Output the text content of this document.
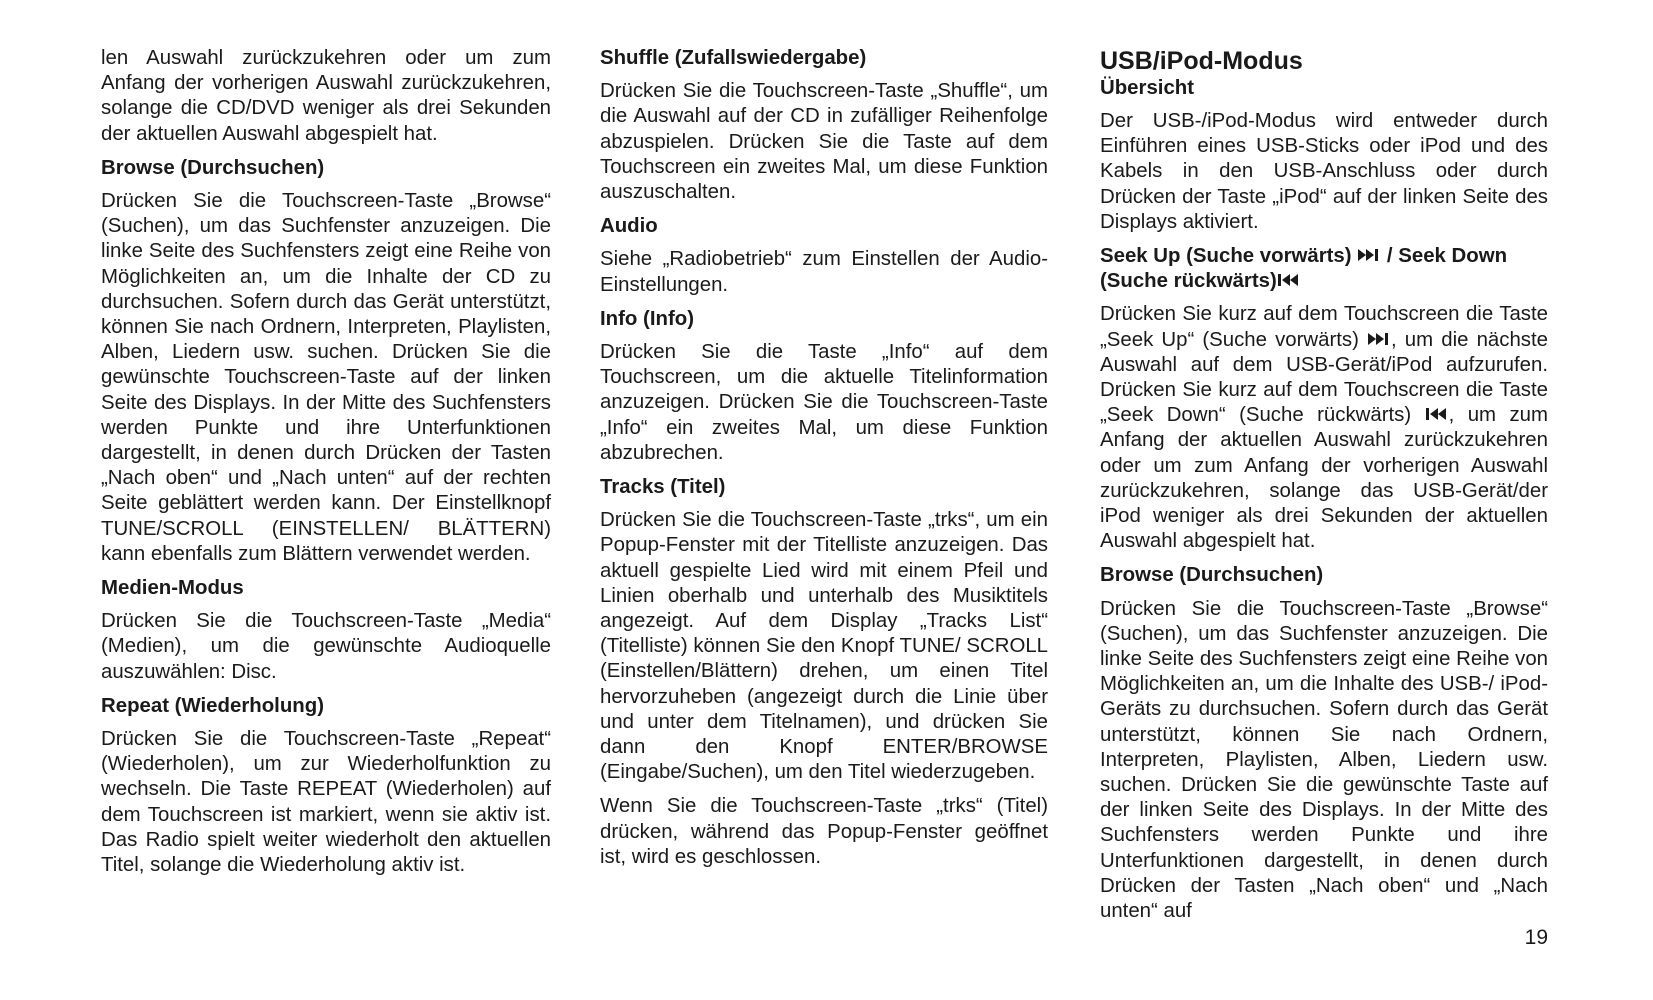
len Auswahl zurückzukehren oder um zum Anfang der vorherigen Auswahl zurückzukehren, solange die CD/DVD weniger als drei Sekunden der aktuellen Auswahl abgespielt hat.

Browse (Durchsuchen)

Drücken Sie die Touchscreen-Taste „Browse“ (Suchen), um das Suchfenster anzuzeigen. Die linke Seite des Suchfensters zeigt eine Reihe von Möglichkeiten an, um die Inhalte der CD zu durchsuchen. Sofern durch das Gerät unterstützt, können Sie nach Ordnern, Interpreten, Playlisten, Alben, Liedern usw. suchen. Drücken Sie die gewünschte Touchscreen-Taste auf der linken Seite des Displays. In der Mitte des Suchfensters werden Punkte und ihre Unterfunktionen dargestellt, in denen durch Drücken der Tasten „Nach oben“ und „Nach unten“ auf der rechten Seite geblättert werden kann. Der Einstellknopf TUNE/SCROLL (EINSTELLEN/ BLÄTTERN) kann ebenfalls zum Blättern verwendet werden.

Medien-Modus

Drücken Sie die Touchscreen-Taste „Media“ (Medien), um die gewünschte Audioquelle auszuwählen: Disc.

Repeat (Wiederholung)

Drücken Sie die Touchscreen-Taste „Repeat“ (Wiederholen), um zur Wiederholfunktion zu wechseln. Die Taste REPEAT (Wiederholen) auf dem Touchscreen ist markiert, wenn sie aktiv ist. Das Radio spielt weiter wiederholt den aktuellen Titel, solange die Wiederholung aktiv ist.

Shuffle (Zufallswiedergabe)

Drücken Sie die Touchscreen-Taste „Shuffle“, um die Auswahl auf der CD in zufälliger Reihenfolge abzuspielen. Drücken Sie die Taste auf dem Touchscreen ein zweites Mal, um diese Funktion auszuschalten.

Audio

Siehe „Radiobetrieb“ zum Einstellen der Audio-Einstellungen.

Info (Info)

Drücken Sie die Taste „Info“ auf dem Touchscreen, um die aktuelle Titelinformation anzuzeigen. Drücken Sie die Touchscreen-Taste „Info“ ein zweites Mal, um diese Funktion abzubrechen.

Tracks (Titel)

Drücken Sie die Touchscreen-Taste „trks“, um ein Popup-Fenster mit der Titelliste anzuzeigen. Das aktuell gespielte Lied wird mit einem Pfeil und Linien oberhalb und unterhalb des Musiktitels angezeigt. Auf dem Display „Tracks List“ (Titelliste) können Sie den Knopf TUNE/ SCROLL (Einstellen/Blättern) drehen, um einen Titel hervorzuheben (angezeigt durch die Linie über und unter dem Titelnamen), und drücken Sie dann den Knopf ENTER/BROWSE (Eingabe/Suchen), um den Titel wiederzugeben.

Wenn Sie die Touchscreen-Taste „trks“ (Titel) drücken, während das Popup-Fenster geöffnet ist, wird es geschlossen.

USB/iPod-Modus
Übersicht

Der USB-/iPod-Modus wird entweder durch Einführen eines USB-Sticks oder iPod und des Kabels in den USB-Anschluss oder durch Drücken der Taste „iPod“ auf der linken Seite des Displays aktiviert.

Seek Up (Suche vorwärts) / Seek Down
(Suche rückwärts)

Drücken Sie kurz auf dem Touchscreen die Taste „Seek Up“ (Suche vorwärts) , um die nächste Auswahl auf dem USB-Gerät/iPod aufzurufen. Drücken Sie kurz auf dem Touchscreen die Taste „Seek Down“ (Suche rückwärts) , um zum Anfang der aktuellen Auswahl zurückzukehren oder um zum Anfang der vorherigen Auswahl zurückzukehren, solange das USB-Gerät/der iPod weniger als drei Sekunden der aktuellen Auswahl abgespielt hat.

Browse (Durchsuchen)

Drücken Sie die Touchscreen-Taste „Browse“ (Suchen), um das Suchfenster anzuzeigen. Die linke Seite des Suchfensters zeigt eine Reihe von Möglichkeiten an, um die Inhalte des USB-/ iPod-Geräts zu durchsuchen. Sofern durch das Gerät unterstützt, können Sie nach Ordnern, Interpreten, Playlisten, Alben, Liedern usw. suchen. Drücken Sie die gewünschte Taste auf der linken Seite des Displays. In der Mitte des Suchfensters werden Punkte und ihre Unterfunktionen dargestellt, in denen durch Drücken der Tasten „Nach oben“ und „Nach unten“ auf

19
